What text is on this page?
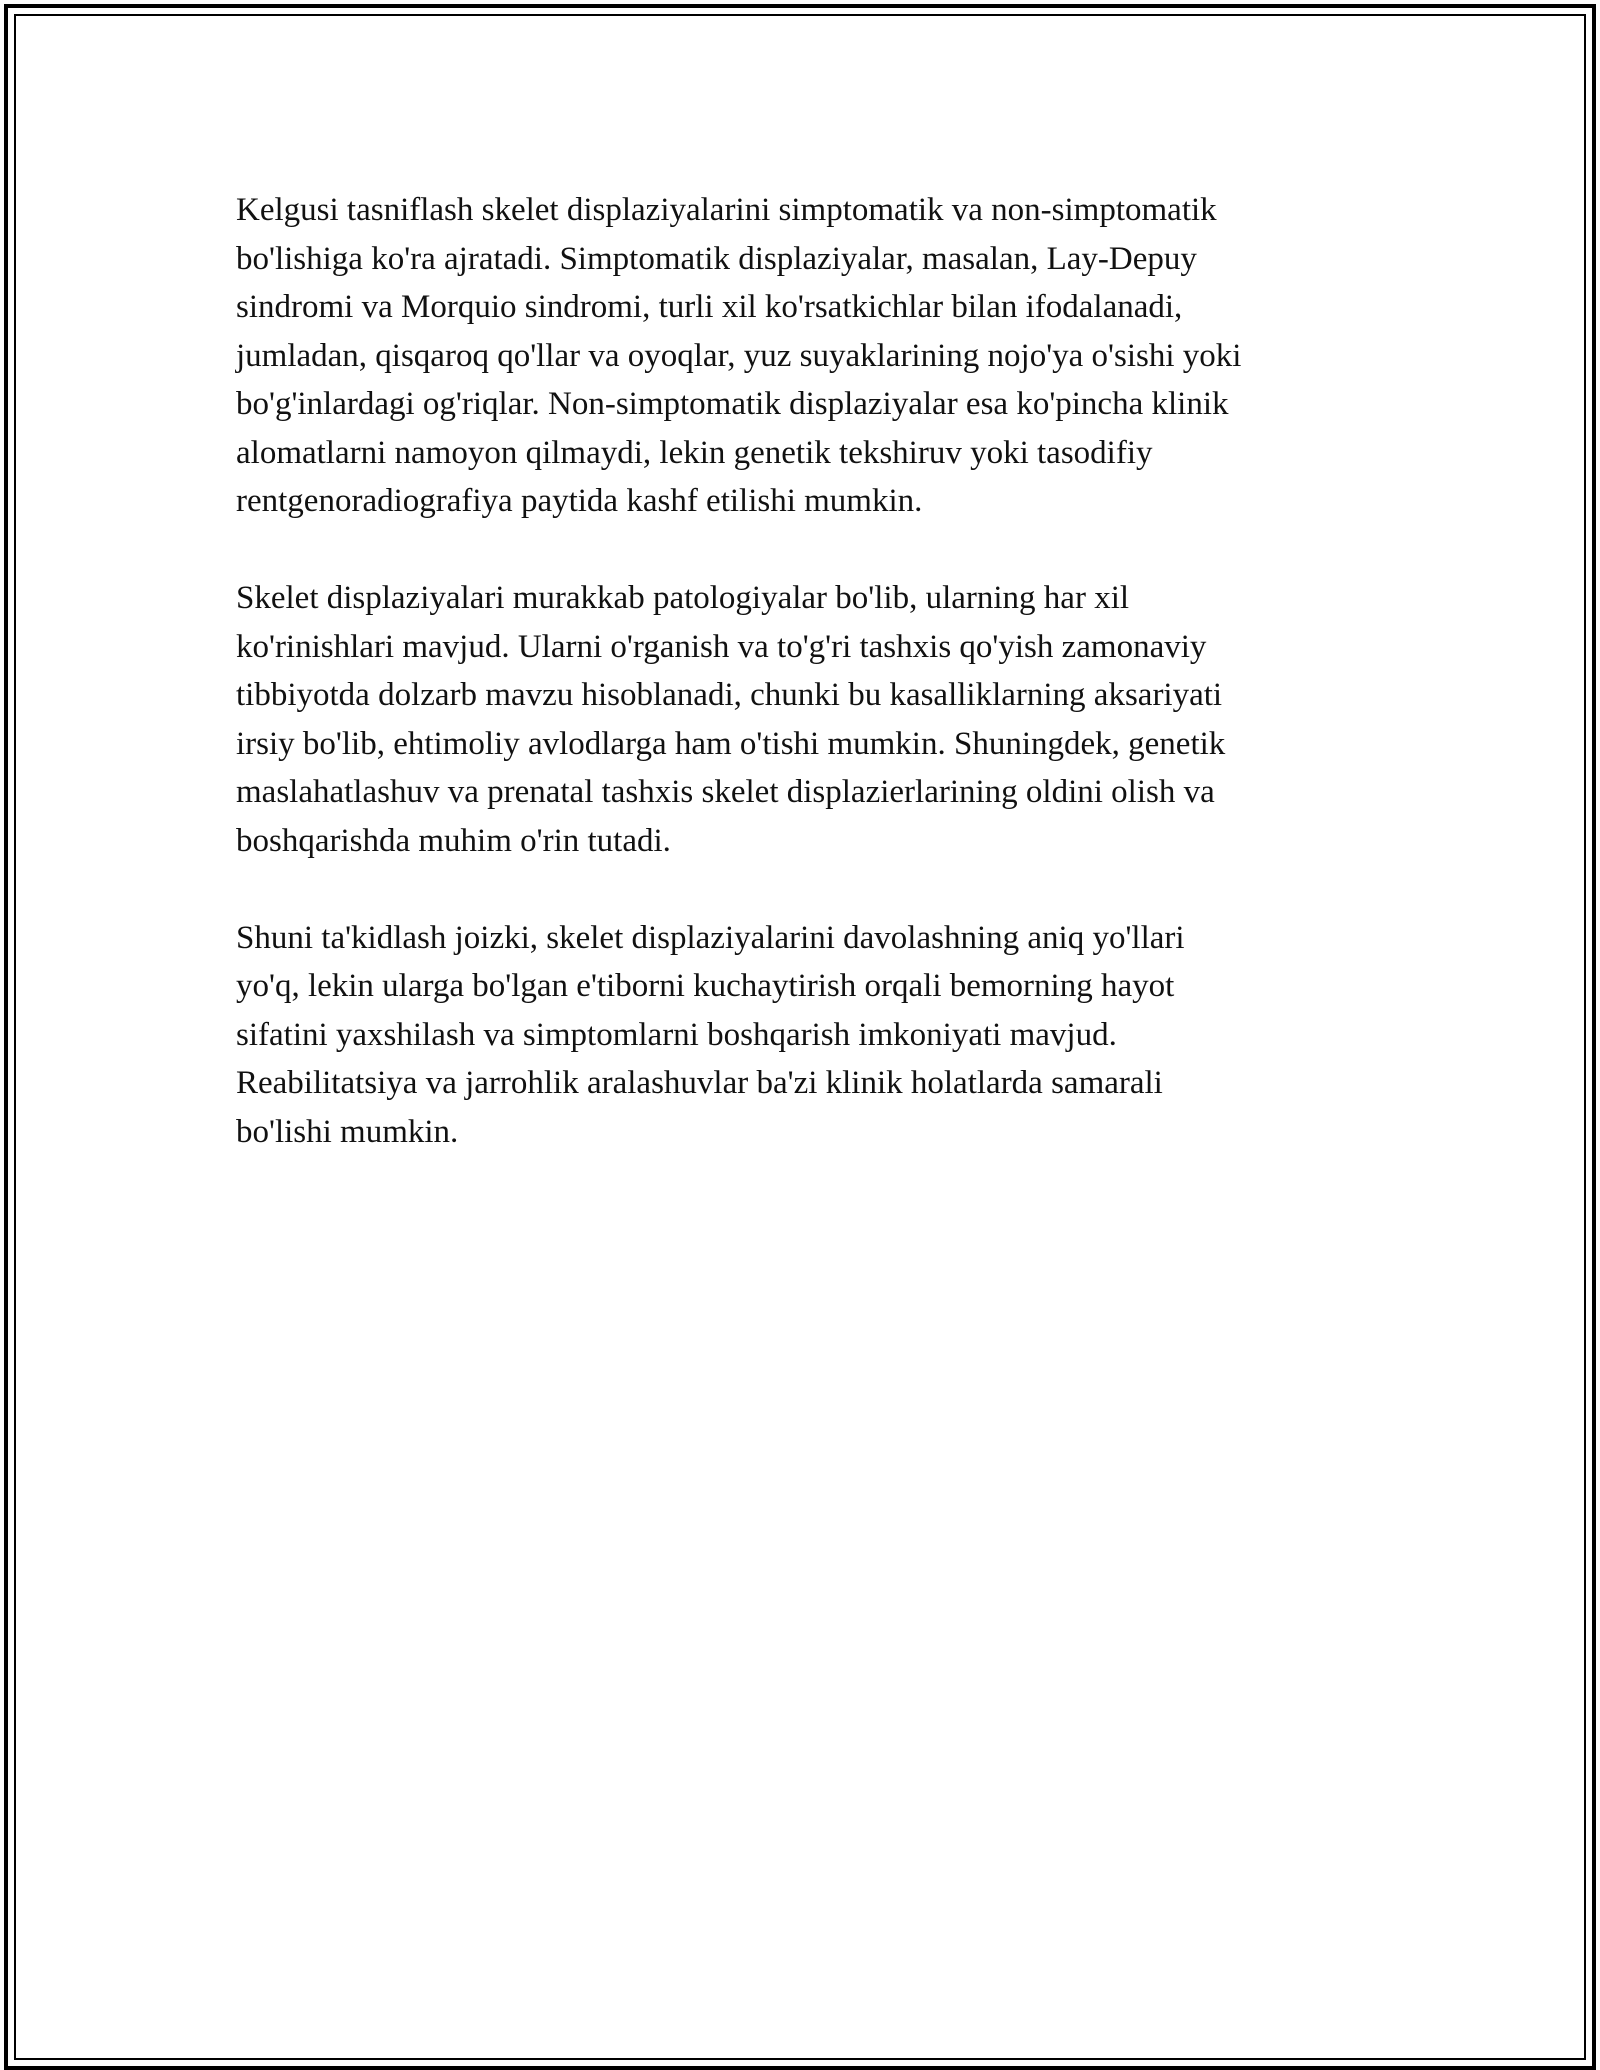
Kelgusi tasniflash skelet displaziyalarini simptomatik va non-simptomatik
bo'lishiga ko'ra ajratadi. Simptomatik displaziyalar, masalan, Lay-Depuy
sindromi va Morquio sindromi, turli xil ko'rsatkichlar bilan ifodalanadi,
jumladan, qisqaroq qo'llar va oyoqlar, yuz suyaklarining nojo'ya o'sishi yoki
bo'g'inlardagi og'riqlar. Non-simptomatik displaziyalar esa ko'pincha klinik
alomatlarni namoyon qilmaydi, lekin genetik tekshiruv yoki tasodifiy
rentgenoradiografiya paytida kashf etilishi mumkin.

Skelet displaziyalari murakkab patologiyalar bo'lib, ularning har xil
ko'rinishlari mavjud. Ularni o'rganish va to'g'ri tashxis qo'yish zamonaviy
tibbiyotda dolzarb mavzu hisoblanadi, chunki bu kasalliklarning aksariyati
irsiy bo'lib, ehtimoliy avlodlarga ham o'tishi mumkin. Shuningdek, genetik
maslahatlashuv va prenatal tashxis skelet displazierlarining oldini olish va
boshqarishda muhim o'rin tutadi.

Shuni ta'kidlash joizki, skelet displaziyalarini davolashning aniq yo'llari
yo'q, lekin ularga bo'lgan e'tiborni kuchaytirish orqali bemorning hayot
sifatini yaxshilash va simptomlarni boshqarish imkoniyati mavjud.
Reabilitatsiya va jarrohlik aralashuvlar ba'zi klinik holatlarda samarali
bo'lishi mumkin.
